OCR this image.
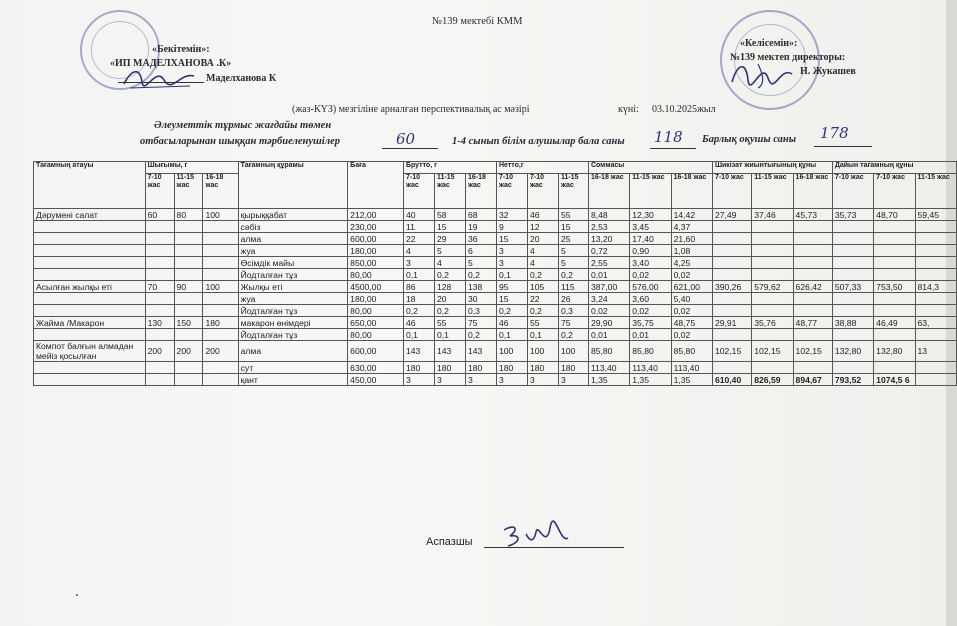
№139 мектебі КММ
«Бекітемін»:
«ИП МАДЕЛХАНОВА .К»
Маделханова К
«Келісемін»:
№139 мектеп директоры:
Н. Жукашев
(жаз-КҮЗ) мезгіліне арналған перспективалық ас мәзірі	күні: 03.10.2025жыл
Әлеуметтік тұрмыс жағдайы төмен
отбасыларынан шыққан тәрбиеленушілер	60	1-4 сынып білім алушылар бала саны 118 Барлық оқушы саны 178
Тағамның атауы	Шығымы, г			Тағамның құрамы	Баға	Брутто, г			Нетто,г			Соммасы			Шикізат жиынтығының құны			Дайын тағамның құны		
	7-10 жас	11-15 жас	16-18 жас			7-10 жас	11-15 жас	16-18 жас	7-10 жас	7-10 жас	11-15 жас	16-18 жас	11-15 жас	16-18 жас	7-10 жас	11-15 жас	16-18 жас	7-10 жас	7-10 жас	11-15 жас
Дәрумені салат	60	80	100	қырыққабат	212,00	40	58	68	32	46	55	8,48	12,30	14,42	27,49	37,46	45,73	35,73	48,70	59,45
				сәбіз	230,00	11	15	19	9	12	15	2,53	3,45	4,37						
				алма	600,00	22	29	36	15	20	25	13,20	17,40	21,60						
				жуа	180,00	4	5	6	3	4	5	0,72	0,90	1,08						
				Өсімдік майы	850,00	3	4	5	3	4	5	2,55	3,40	4,25						
				Йодталған тұз	80,00	0,1	0,2	0,2	0,1	0,2	0,2	0,01	0,02	0,02						
Асылған жылқы еті	70	90	100	Жылқы еті	4500,00	86	128	138	95	105	115	387,00	576,00	621,00	390,26	579,62	626,42	507,33	753,50	814,3
				жуа	180,00	18	20	30	15	22	26	3,24	3,60	5,40						
				Йодталған тұз	80,00	0,2	0,2	0,3	0,2	0,2	0,3	0,02	0,02	0,02						
Жайма /Макарон	130	150	180	макарон өнімдері	650,00	46	55	75	46	55	75	29,90	35,75	48,75	29,91	35,76	48,77	38,88	46,49	63,
				Йодталған тұз	80,00	0,1	0,1	0,2	0,1	0,1	0,2	0,01	0,01	0,02						
Компот балғын алмадан мейіз қосылған	200	200	200	алма	600,00	143	143	143	100	100	100	85,80	85,80	85,80	102,15	102,15	102,15	132,80	132,80	13
				сут	630,00	180	180	180	180	180	180	113,40	113,40	113,40						
				қант	450,00	3	3	3	3	3	3	1,35	1,35	1,35	610,40	826,59	894,67	793,52	1074,5 6	
Аспазшы
